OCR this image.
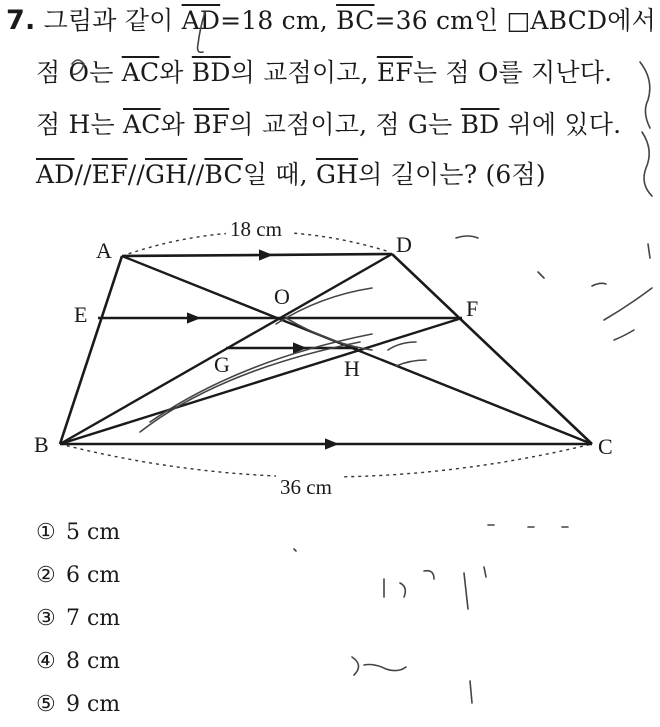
7. 그림과 같이 $\overline{AD}=18$ cm, $\overline{BC}=36$ cm인 □ABCD에서
점 O는 $\overline{AC}$와 $\overline{BD}$의 교점이고, $\overline{EF}$는 점 O를 지난다.
점 H는 $\overline{AC}$와 $\overline{BF}$의 교점이고, 점 G는 $\overline{BD}$ 위에 있다.
$\overline{AD}//\overline{EF}//\overline{GH}//\overline{BC}$일 때, $\overline{GH}$의 길이는? (6점)
A	D
E	F
O
G	H
B	C
18 cm
36 cm
① 5 cm
② 6 cm
③ 7 cm
④ 8 cm
⑤ 9 cm
